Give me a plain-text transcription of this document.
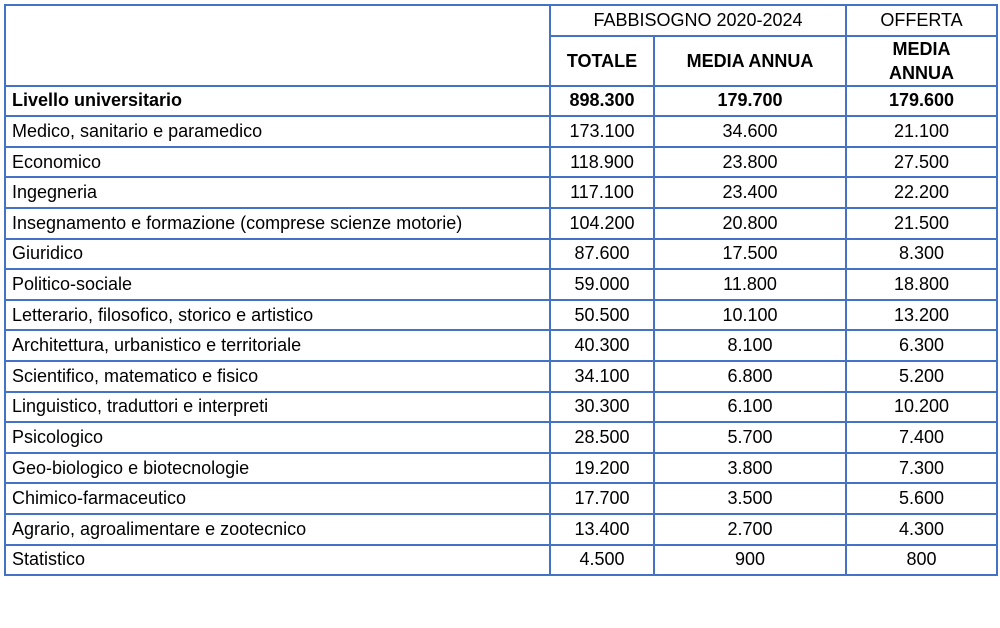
	FABBISOGNO 2020-2024		OFFERTA
	TOTALE	MEDIA ANNUA	MEDIA
ANNUA
Livello universitario	898.300	179.700	179.600
Medico, sanitario e paramedico	173.100	34.600	21.100
Economico	118.900	23.800	27.500
Ingegneria	117.100	23.400	22.200
Insegnamento e formazione (comprese scienze motorie)	104.200	20.800	21.500
Giuridico	87.600	17.500	8.300
Politico-sociale	59.000	11.800	18.800
Letterario, filosofico, storico e artistico	50.500	10.100	13.200
Architettura, urbanistico e territoriale	40.300	8.100	6.300
Scientifico, matematico e fisico	34.100	6.800	5.200
Linguistico, traduttori e interpreti	30.300	6.100	10.200
Psicologico	28.500	5.700	7.400
Geo-biologico e biotecnologie	19.200	3.800	7.300
Chimico-farmaceutico	17.700	3.500	5.600
Agrario, agroalimentare e zootecnico	13.400	2.700	4.300
Statistico	4.500	900	800
